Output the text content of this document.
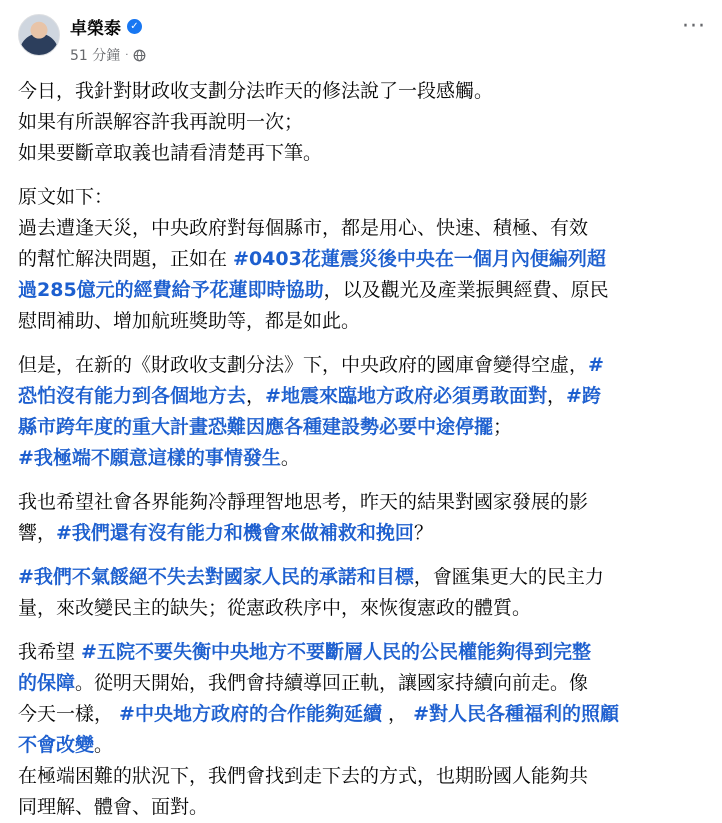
卓榮泰 ✓
51 分鐘 ·
···
今日，我針對財政收支劃分法昨天的修法說了一段感觸。
如果有所誤解容許我再說明一次；
如果要斷章取義也請看清楚再下筆。
原文如下：
過去遭逢天災，中央政府對每個縣市，都是用心、快速、積極、有效
的幫忙解決問題，正如在 #0403花蓮震災後中央在一個月內便編列超
過285億元的經費給予花蓮即時協助，以及觀光及產業振興經費、原民
慰問補助、增加航班獎助等，都是如此。
但是，在新的《財政收支劃分法》下，中央政府的國庫會變得空虛，#
恐怕沒有能力到各個地方去，#地震來臨地方政府必須勇敢面對，#跨
縣市跨年度的重大計畫恐難因應各種建設勢必要中途停擺；
#我極端不願意這樣的事情發生。
我也希望社會各界能夠冷靜理智地思考，昨天的結果對國家發展的影
響，#我們還有沒有能力和機會來做補救和挽回？
#我們不氣餒絕不失去對國家人民的承諾和目標，會匯集更大的民主力
量，來改變民主的缺失；從憲政秩序中，來恢復憲政的體質。
我希望 #五院不要失衡中央地方不要斷層人民的公民權能夠得到完整
的保障。從明天開始，我們會持續導回正軌，讓國家持續向前走。像
今天一樣， #中央地方政府的合作能夠延續 ， #對人民各種福利的照顧
不會改變。
在極端困難的狀況下，我們會找到走下去的方式，也期盼國人能夠共
同理解、體會、面對。
